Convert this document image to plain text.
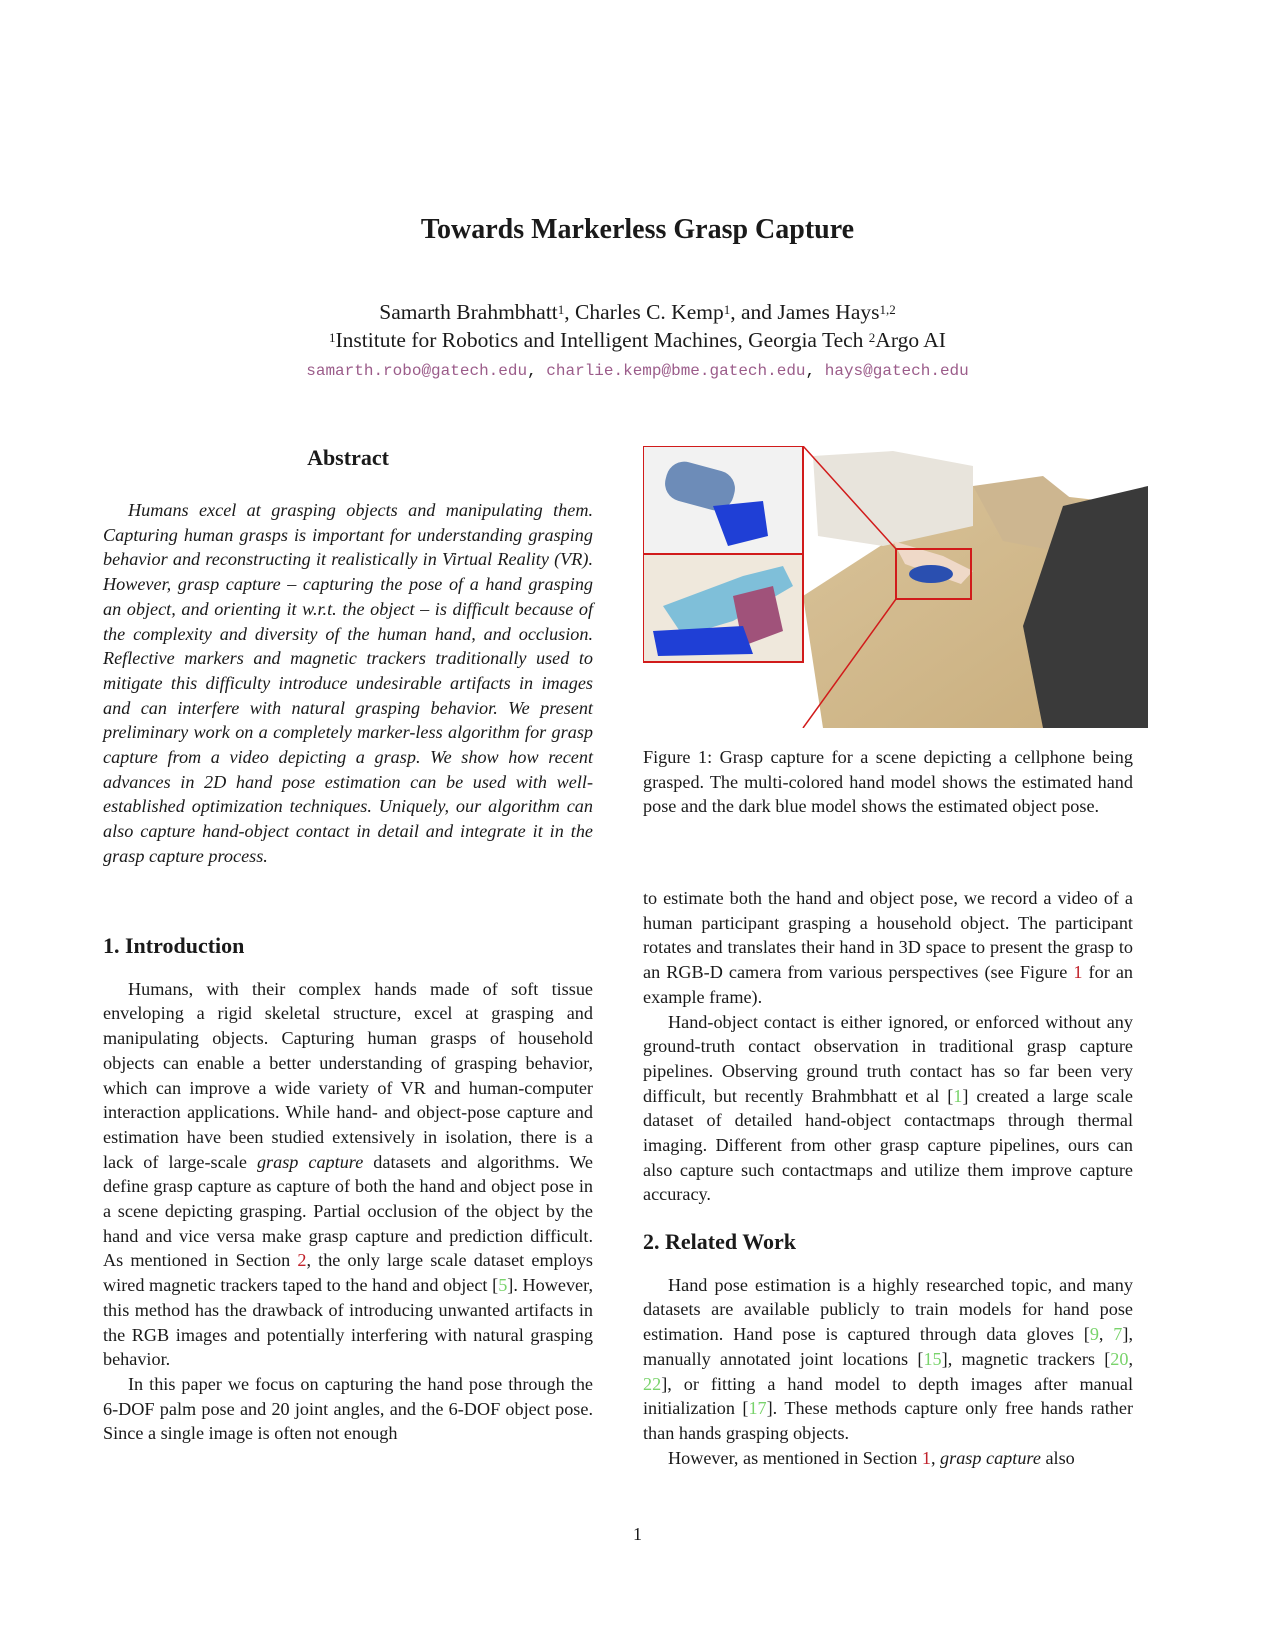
Towards Markerless Grasp Capture
Samarth Brahmbhatt$^1$, Charles C. Kemp$^1$, and James Hays$^{1,2}$
$^1$Institute for Robotics and Intelligent Machines, Georgia Tech $^2$Argo AI
samarth.robo@gatech.edu, charlie.kemp@bme.gatech.edu, hays@gatech.edu
Abstract

Humans excel at grasping objects and manipulating them. Capturing human grasps is important for understanding grasping behavior and reconstructing it realistically in Virtual Reality (VR). However, grasp capture – capturing the pose of a hand grasping an object, and orienting it w.r.t. the object – is difficult because of the complexity and diversity of the human hand, and occlusion. Reflective markers and magnetic trackers traditionally used to mitigate this difficulty introduce undesirable artifacts in images and can interfere with natural grasping behavior. We present preliminary work on a completely marker-less algorithm for grasp capture from a video depicting a grasp. We show how recent advances in 2D hand pose estimation can be used with well-established optimization techniques. Uniquely, our algorithm can also capture hand-object contact in detail and integrate it in the grasp capture process.

1. Introduction

Humans, with their complex hands made of soft tissue enveloping a rigid skeletal structure, excel at grasping and manipulating objects. Capturing human grasps of household objects can enable a better understanding of grasping behavior, which can improve a wide variety of VR and human-computer interaction applications. While hand- and object-pose capture and estimation have been studied extensively in isolation, there is a lack of large-scale grasp capture datasets and algorithms. We define grasp capture as capture of both the hand and object pose in a scene depicting grasping. Partial occlusion of the object by the hand and vice versa make grasp capture and prediction difficult. As mentioned in Section 2, the only large scale dataset employs wired magnetic trackers taped to the hand and object [5]. However, this method has the drawback of introducing unwanted artifacts in the RGB images and potentially interfering with natural grasping behavior.

In this paper we focus on capturing the hand pose through the 6-DOF palm pose and 20 joint angles, and the 6-DOF object pose. Since a single image is often not enough

Figure 1: Grasp capture for a scene depicting a cellphone being grasped. The multi-colored hand model shows the estimated hand pose and the dark blue model shows the estimated object pose.

to estimate both the hand and object pose, we record a video of a human participant grasping a household object. The participant rotates and translates their hand in 3D space to present the grasp to an RGB-D camera from various perspectives (see Figure 1 for an example frame).

Hand-object contact is either ignored, or enforced without any ground-truth contact observation in traditional grasp capture pipelines. Observing ground truth contact has so far been very difficult, but recently Brahmbhatt et al [1] created a large scale dataset of detailed hand-object contactmaps through thermal imaging. Different from other grasp capture pipelines, ours can also capture such contactmaps and utilize them improve capture accuracy.

2. Related Work

Hand pose estimation is a highly researched topic, and many datasets are available publicly to train models for hand pose estimation. Hand pose is captured through data gloves [9, 7], manually annotated joint locations [15], magnetic trackers [20, 22], or fitting a hand model to depth images after manual initialization [17]. These methods capture only free hands rather than hands grasping objects.

However, as mentioned in Section 1, grasp capture also

1
